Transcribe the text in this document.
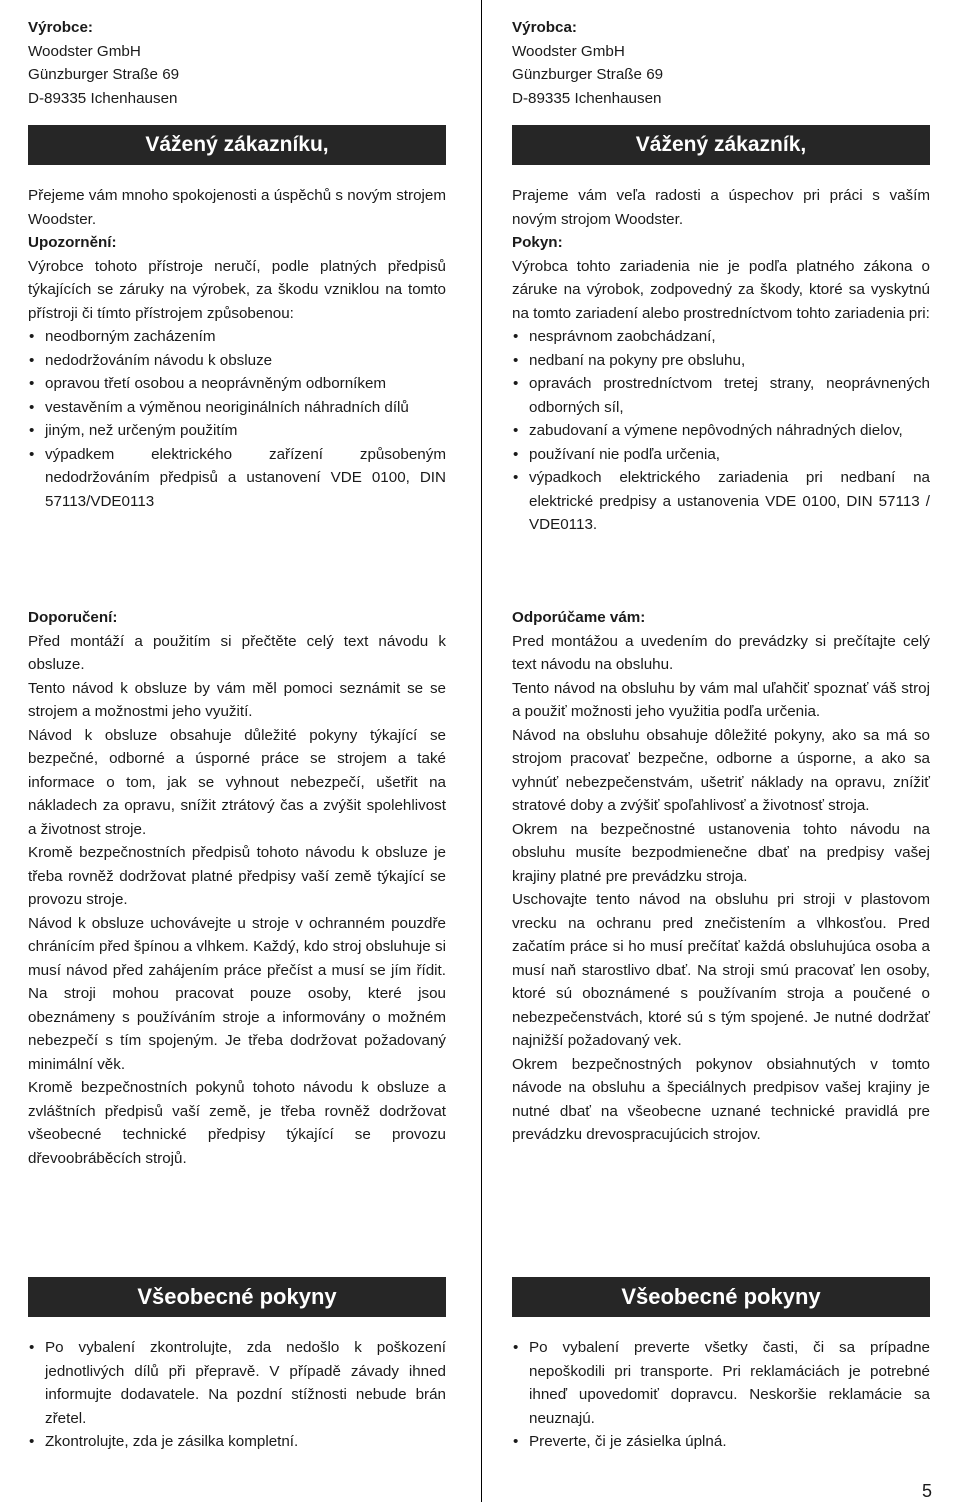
Výrobce:
Woodster GmbH
Günzburger Straße 69
D-89335 Ichenhausen
Vážený zákazníku,

Přejeme vám mnoho spokojenosti a úspěchů s novým strojem Woodster.

Upozornění:

Výrobce tohoto přístroje neručí, podle platných předpisů týkajících se záruky na výrobek, za škodu vzniklou na tomto přístroji či tímto přístrojem způsobenou:

• neodborným zacházením
• nedodržováním návodu k obsluze
• opravou třetí osobou a neoprávněným odborníkem
• vestavěním a výměnou neoriginálních náhradních dílů
• jiným, než určeným použitím
• výpadkem elektrického zařízení způsobeným nedodržováním předpisů a ustanovení VDE 0100, DIN 57113/VDE0113
Doporučení:

Před montáží a použitím si přečtěte celý text návodu k obsluze.

Tento návod k obsluze by vám měl pomoci seznámit se se strojem a možnostmi jeho využití.

Návod k obsluze obsahuje důležité pokyny týkající se bezpečné, odborné a úsporné práce se strojem a také informace o tom, jak se vyhnout nebezpečí, ušetřit na nákladech za opravu, snížit ztrátový čas a zvýšit spolehlivost a životnost stroje.

Kromě bezpečnostních předpisů tohoto návodu k obsluze je třeba rovněž dodržovat platné předpisy vaší země týkající se provozu stroje.

Návod k obsluze uchovávejte u stroje v ochranném pouzdře chránícím před špínou a vlhkem. Každý, kdo stroj obsluhuje si musí návod před zahájením práce přečíst a musí se jím řídit. Na stroji mohou pracovat pouze osoby, které jsou obeznámeny s používáním stroje a informovány o možném nebezpečí s tím spojeným. Je třeba dodržovat požadovaný minimální věk.

Kromě bezpečnostních pokynů tohoto návodu k obsluze a zvláštních předpisů vaší země, je třeba rovněž dodržovat všeobecné technické předpisy týkající se provozu dřevoobráběcích strojů.

Všeobecné pokyny
• Po vybalení zkontrolujte, zda nedošlo k poškození jednotlivých dílů při přepravě. V případě závady ihned informujte dodavatele. Na pozdní stížnosti nebude brán zřetel.
• Zkontrolujte, zda je zásilka kompletní.
Výrobca:
Woodster GmbH
Günzburger Straße 69
D-89335 Ichenhausen
Vážený zákazník,

Prajeme vám veľa radosti a úspechov pri práci s vaším novým strojom Woodster.

Pokyn:

Výrobca tohto zariadenia nie je podľa platného zákona o záruke na výrobok, zodpovedný za škody, ktoré sa vyskytnú na tomto zariadení alebo prostredníctvom tohto zariadenia pri:

• nesprávnom zaobchádzaní,
• nedbaní na pokyny pre obsluhu,
• opravách prostredníctvom tretej strany, neoprávnených odborných síl,
• zabudovaní a výmene nepôvodných náhradných dielov,
• používaní nie podľa určenia,
• výpadkoch elektrického zariadenia pri nedbaní na elektrické predpisy a ustanovenia VDE 0100, DIN 57113 / VDE0113.
Odporúčame vám:

Pred montážou a uvedením do prevádzky si prečítajte celý text návodu na obsluhu.

Tento návod na obsluhu by vám mal uľahčiť spoznať váš stroj a použiť možnosti jeho využitia podľa určenia.

Návod na obsluhu obsahuje dôležité pokyny, ako sa má so strojom pracovať bezpečne, odborne a úsporne, a ako sa vyhnúť nebezpečenstvám, ušetriť náklady na opravu, znížiť stratové doby a zvýšiť spoľahlivosť a životnosť stroja.

Okrem na bezpečnostné ustanovenia tohto návodu na obsluhu musíte bezpodmienečne dbať na predpisy vašej krajiny platné pre prevádzku stroja.

Uschovajte tento návod na obsluhu pri stroji v plastovom vrecku na ochranu pred znečistením a vlhkosťou. Pred začatím práce si ho musí prečítať každá obsluhujúca osoba a musí naň starostlivo dbať. Na stroji smú pracovať len osoby, ktoré sú oboznámené s používaním stroja a poučené o nebezpečenstvách, ktoré sú s tým spojené. Je nutné dodržať najnižší požadovaný vek.

Okrem bezpečnostných pokynov obsiahnutých v tomto návode na obsluhu a špeciálnych predpisov vašej krajiny je nutné dbať na všeobecne uznané technické pravidlá pre prevádzku drevospracujúcich strojov.

Všeobecné pokyny
• Po vybalení preverte všetky časti, či sa prípadne nepoškodili pri transporte. Pri reklamáciách je potrebné ihneď upovedomiť dopravcu. Neskoršie reklamácie sa neuznajú.
• Preverte, či je zásielka úplná.
5
